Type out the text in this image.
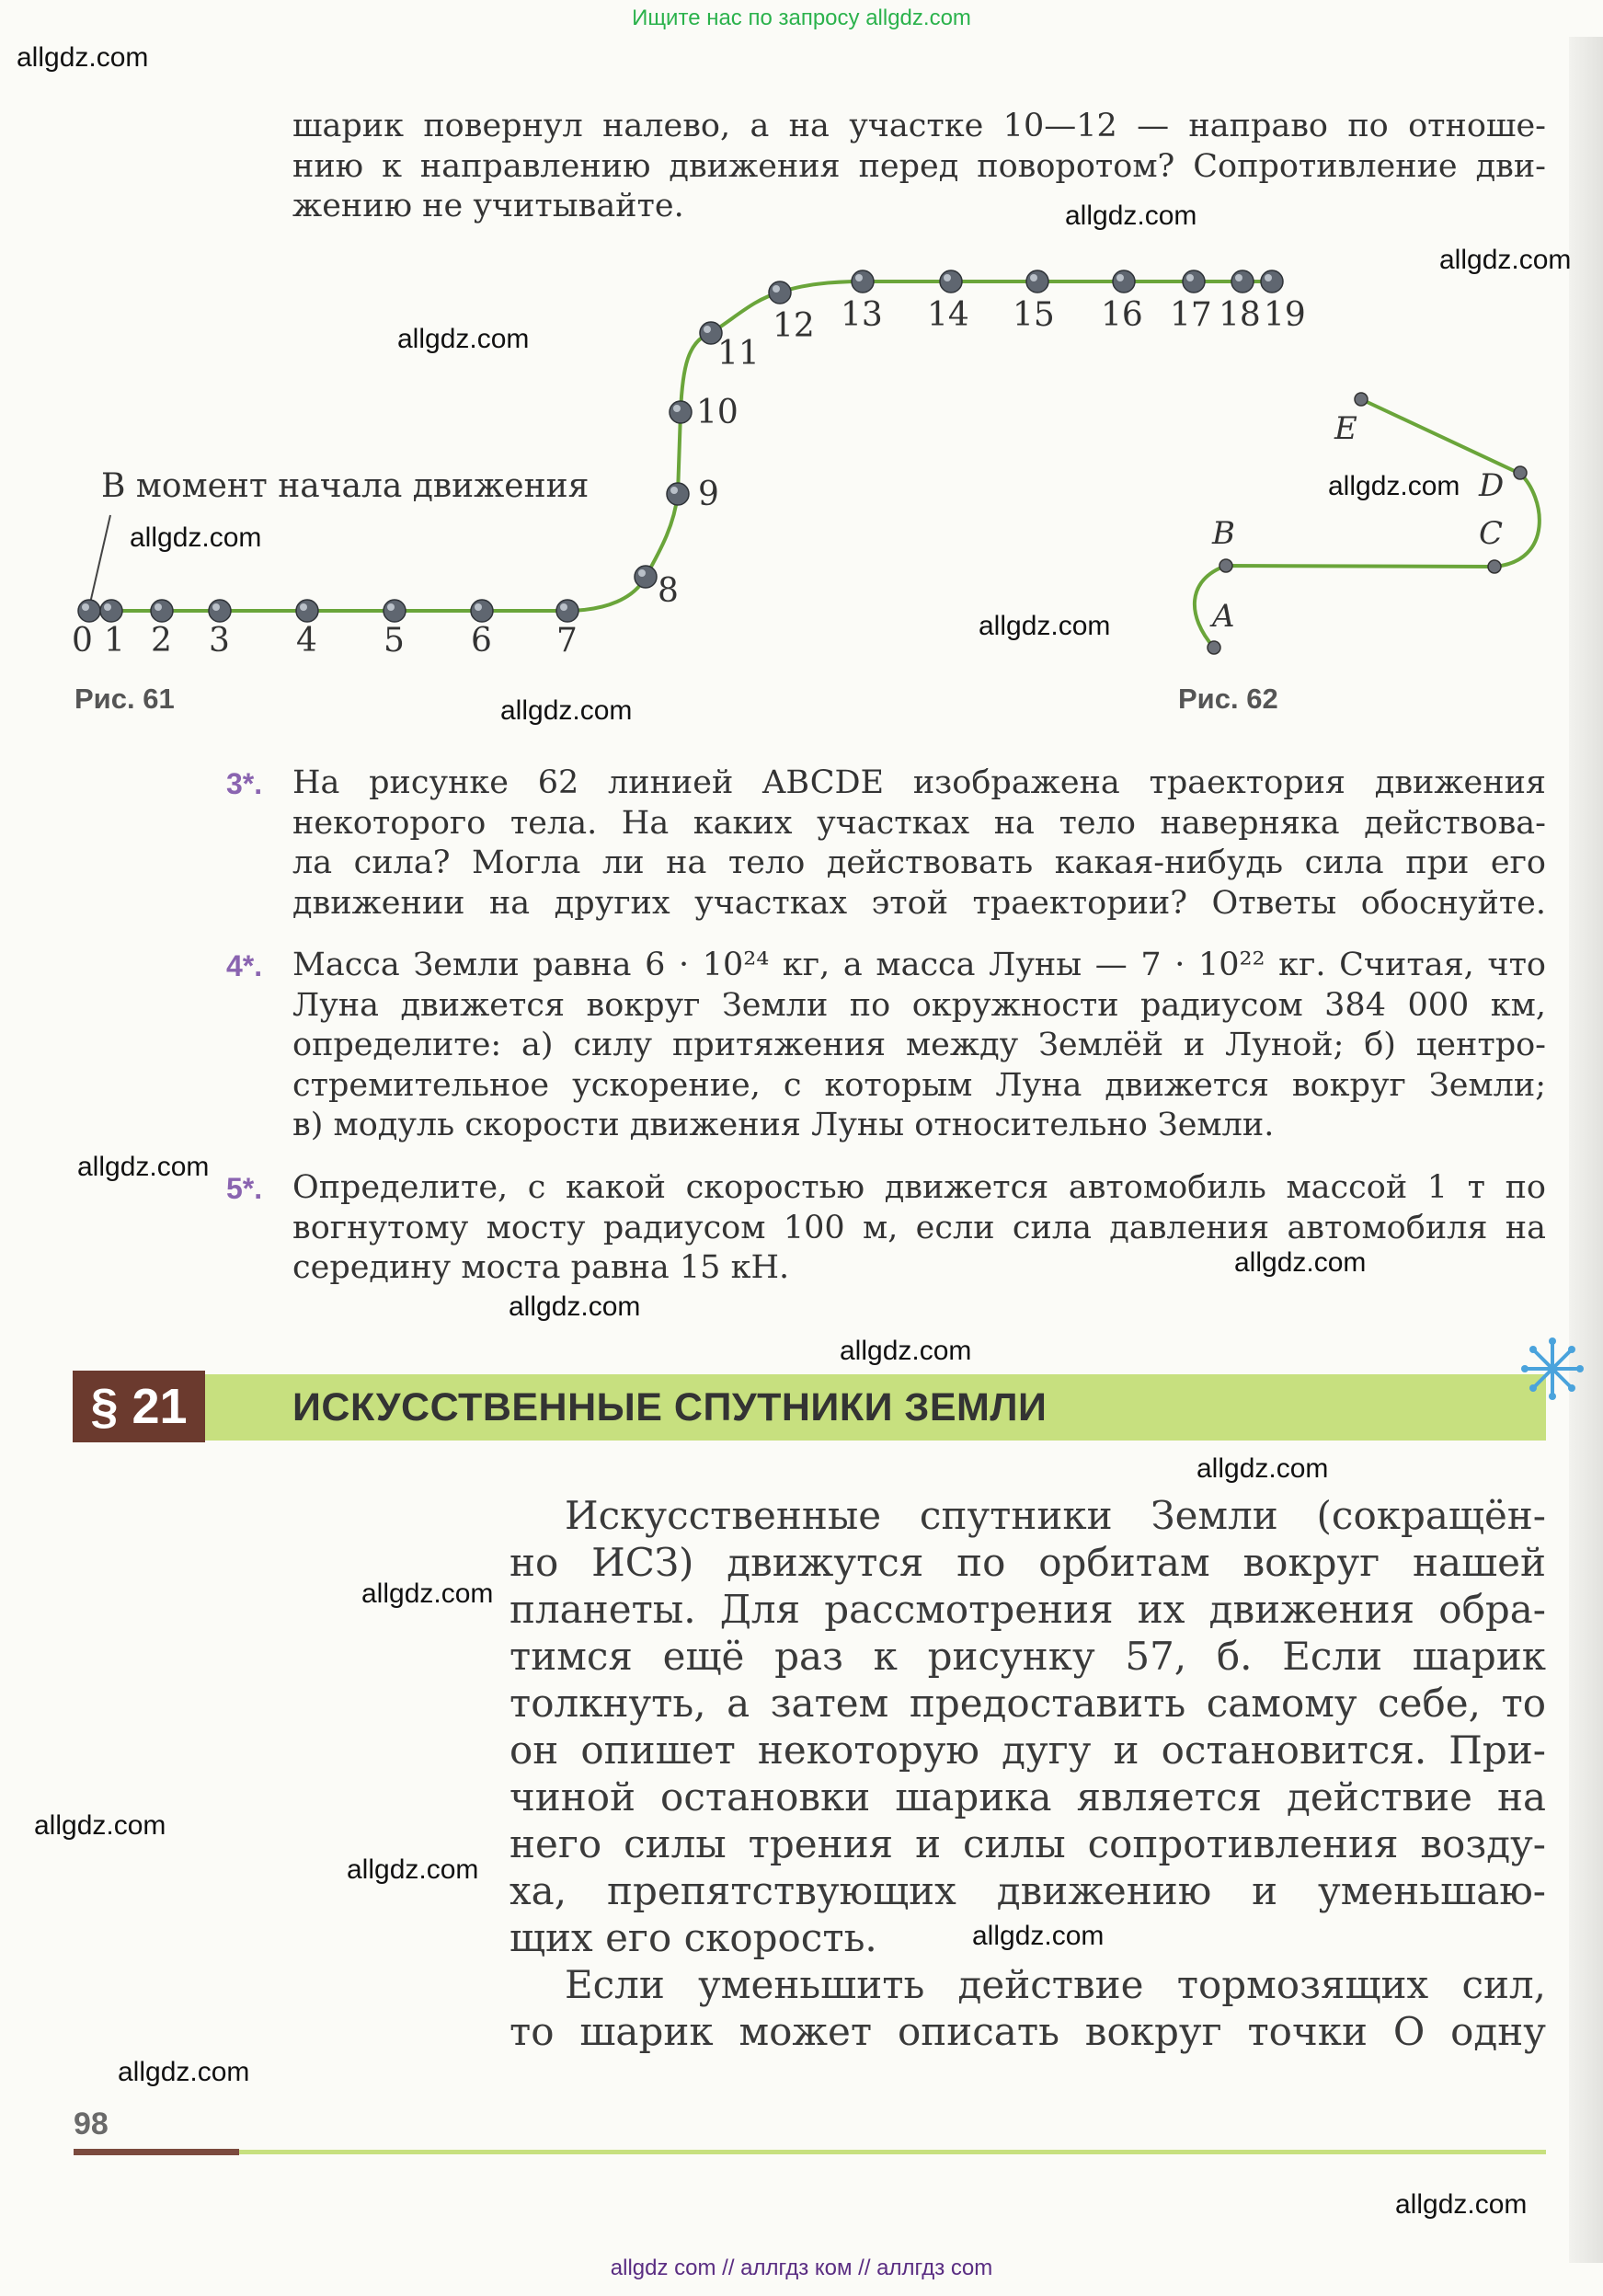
Ищите нас по запросу allgdz.com
allgdz com // аллгдз ком // аллгдз com
шарик повернул налево, а на участке 10—12 — направо по отноше-
нию к направлению движения перед поворотом? Сопротивление дви-
жению не учитывайте.
В момент начала движения
0 1 2 3 4 5 6 7
8
9
10
11
12 13 14 15 16 17 18 19
Рис. 61
A
B	C
D
E
Рис. 62
3*. На рисунке 62 линией ABCDE изображена траектория движения
некоторого тела. На каких участках на тело наверняка действова-
ла сила? Могла ли на тело действовать какая-нибудь сила при его
движении на других участках этой траектории? Ответы обоснуйте.
4*. Масса Земли равна 6 · 10²⁴ кг, а масса Луны — 7 · 10²² кг. Считая, что
Луна движется вокруг Земли по окружности радиусом 384 000 км,
определите: а) силу притяжения между Землёй и Луной; б) центро-
стремительное ускорение, с которым Луна движется вокруг Земли;
в) модуль скорости движения Луны относительно Земли.
5*. Определите, с какой скоростью движется автомобиль массой 1 т по
вогнутому мосту радиусом 100 м, если сила давления автомобиля на
середину моста равна 15 кН.
§ 21	ИСКУССТВЕННЫЕ СПУТНИКИ ЗЕМЛИ
Искусственные спутники Земли (сокращён-
но ИСЗ) движутся по орбитам вокруг нашей
планеты. Для рассмотрения их движения обра-
тимся ещё раз к рисунку 57, б. Если шарик
толкнуть, а затем предоставить самому себе, то
он опишет некоторую дугу и остановится. При-
чиной остановки шарика является действие на
него силы трения и силы сопротивления возду-
ха, препятствующих движению и уменьшаю-
щих его скорость.
Если уменьшить действие тормозящих сил,
то шарик может описать вокруг точки O одну
98
allgdz.com
allgdz.com
allgdz.com
allgdz.com
allgdz.com
allgdz.com
allgdz.com
allgdz.com
allgdz.com
allgdz.com
allgdz.com
allgdz.com
allgdz.com
allgdz.com
allgdz.com
allgdz.com
allgdz.com
allgdz.com
allgdz.com
